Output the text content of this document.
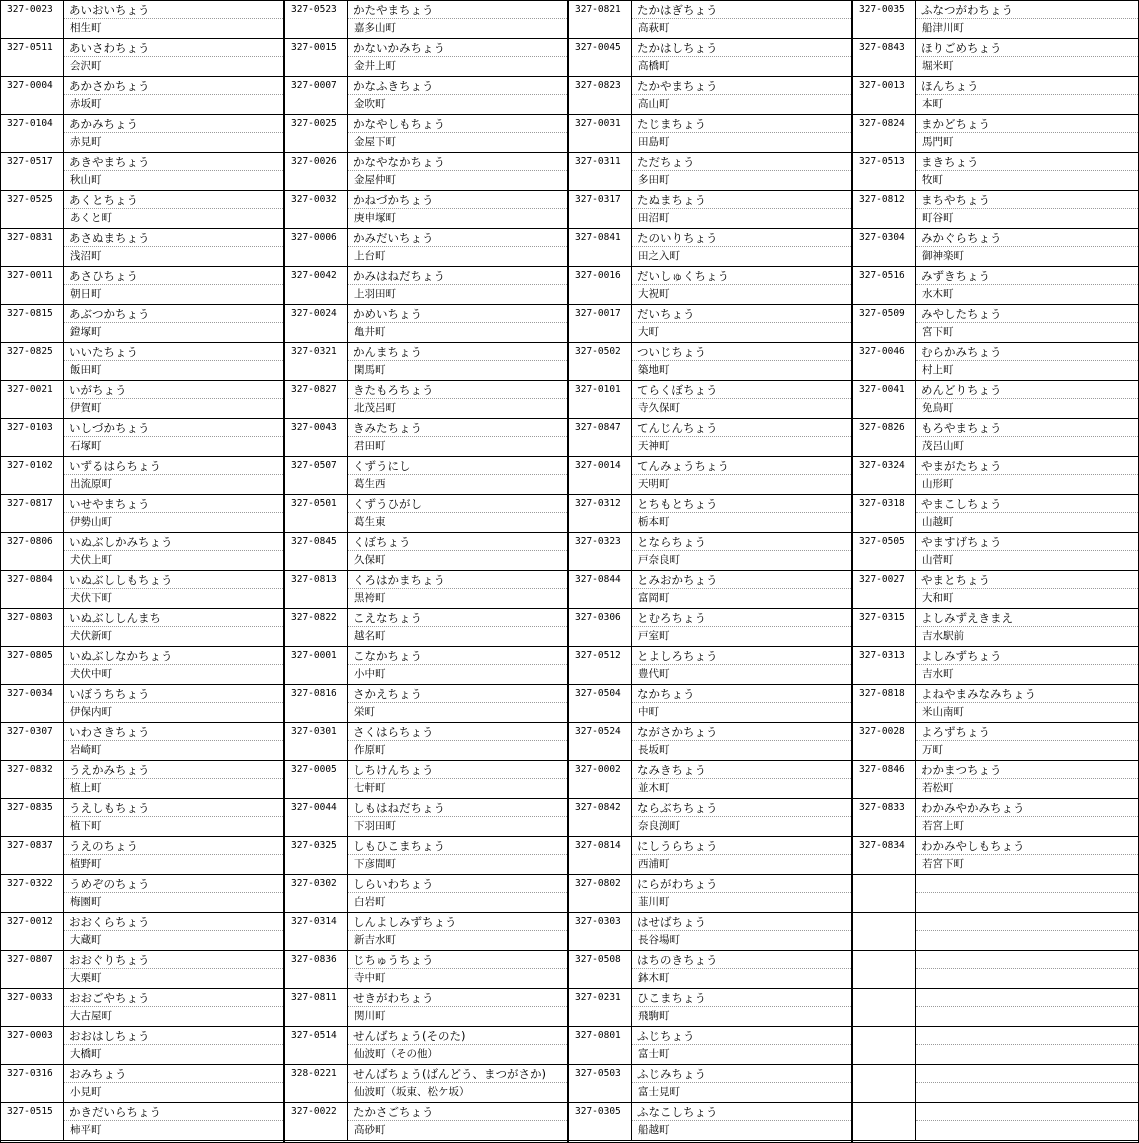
327-0023	あいおいちょう
相生町
327-0511	あいさわちょう
会沢町
327-0004	あかさかちょう
赤坂町
327-0104	あかみちょう
赤見町
327-0517	あきやまちょう
秋山町
327-0525	あくとちょう
あくと町
327-0831	あさぬまちょう
浅沼町
327-0011	あさひちょう
朝日町
327-0815	あぶつかちょう
鐙塚町
327-0825	いいたちょう
飯田町
327-0021	いがちょう
伊賀町
327-0103	いしづかちょう
石塚町
327-0102	いずるはらちょう
出流原町
327-0817	いせやまちょう
伊勢山町
327-0806	いぬぶしかみちょう
犬伏上町
327-0804	いぬぶししもちょう
犬伏下町
327-0803	いぬぶししんまち
犬伏新町
327-0805	いぬぶしなかちょう
犬伏中町
327-0034	いぼうちちょう
伊保内町
327-0307	いわさきちょう
岩崎町
327-0832	うえかみちょう
植上町
327-0835	うえしもちょう
植下町
327-0837	うえのちょう
植野町
327-0322	うめぞのちょう
梅園町
327-0012	おおくらちょう
大蔵町
327-0807	おおぐりちょう
大栗町
327-0033	おおごやちょう
大古屋町
327-0003	おおはしちょう
大橋町
327-0316	おみちょう
小見町
327-0515	かきだいらちょう
柿平町
327-0523	かたやまちょう
嘉多山町
327-0015	かないかみちょう
金井上町
327-0007	かなふきちょう
金吹町
327-0025	かなやしもちょう
金屋下町
327-0026	かなやなかちょう
金屋仲町
327-0032	かねづかちょう
庚申塚町
327-0006	かみだいちょう
上台町
327-0042	かみはねだちょう
上羽田町
327-0024	かめいちょう
亀井町
327-0321	かんまちょう
閑馬町
327-0827	きたもろちょう
北茂呂町
327-0043	きみたちょう
君田町
327-0507	くずうにし
葛生西
327-0501	くずうひがし
葛生東
327-0845	くぼちょう
久保町
327-0813	くろはかまちょう
黒袴町
327-0822	こえなちょう
越名町
327-0001	こなかちょう
小中町
327-0816	さかえちょう
栄町
327-0301	さくはらちょう
作原町
327-0005	しちけんちょう
七軒町
327-0044	しもはねだちょう
下羽田町
327-0325	しもひこまちょう
下彦間町
327-0302	しらいわちょう
白岩町
327-0314	しんよしみずちょう
新吉水町
327-0836	じちゅうちょう
寺中町
327-0811	せきがわちょう
関川町
327-0514	せんばちょう(そのた)
仙波町（その他）
328-0221	せんばちょう(ばんどう、まつがさか)
仙波町（坂東、松ケ坂）
327-0022	たかさごちょう
高砂町
327-0821	たかはぎちょう
高萩町
327-0045	たかはしちょう
高橋町
327-0823	たかやまちょう
高山町
327-0031	たじまちょう
田島町
327-0311	ただちょう
多田町
327-0317	たぬまちょう
田沼町
327-0841	たのいりちょう
田之入町
327-0016	だいしゅくちょう
大祝町
327-0017	だいちょう
大町
327-0502	ついじちょう
築地町
327-0101	てらくぼちょう
寺久保町
327-0847	てんじんちょう
天神町
327-0014	てんみょうちょう
天明町
327-0312	とちもとちょう
栃本町
327-0323	とならちょう
戸奈良町
327-0844	とみおかちょう
富岡町
327-0306	とむろちょう
戸室町
327-0512	とよしろちょう
豊代町
327-0504	なかちょう
中町
327-0524	ながさかちょう
長坂町
327-0002	なみきちょう
並木町
327-0842	ならぶちちょう
奈良渕町
327-0814	にしうらちょう
西浦町
327-0802	にらがわちょう
韮川町
327-0303	はせばちょう
長谷場町
327-0508	はちのきちょう
鉢木町
327-0231	ひこまちょう
飛駒町
327-0801	ふじちょう
富士町
327-0503	ふじみちょう
富士見町
327-0305	ふなこしちょう
船越町
327-0035	ふなつがわちょう
船津川町
327-0843	ほりごめちょう
堀米町
327-0013	ほんちょう
本町
327-0824	まかどちょう
馬門町
327-0513	まきちょう
牧町
327-0812	まちやちょう
町谷町
327-0304	みかぐらちょう
御神楽町
327-0516	みずきちょう
水木町
327-0509	みやしたちょう
宮下町
327-0046	むらかみちょう
村上町
327-0041	めんどりちょう
免鳥町
327-0826	もろやまちょう
茂呂山町
327-0324	やまがたちょう
山形町
327-0318	やまこしちょう
山越町
327-0505	やますげちょう
山菅町
327-0027	やまとちょう
大和町
327-0315	よしみずえきまえ
吉水駅前
327-0313	よしみずちょう
吉水町
327-0818	よねやまみなみちょう
米山南町
327-0028	よろずちょう
万町
327-0846	わかまつちょう
若松町
327-0833	わかみやかみちょう
若宮上町
327-0834	わかみやしもちょう
若宮下町
